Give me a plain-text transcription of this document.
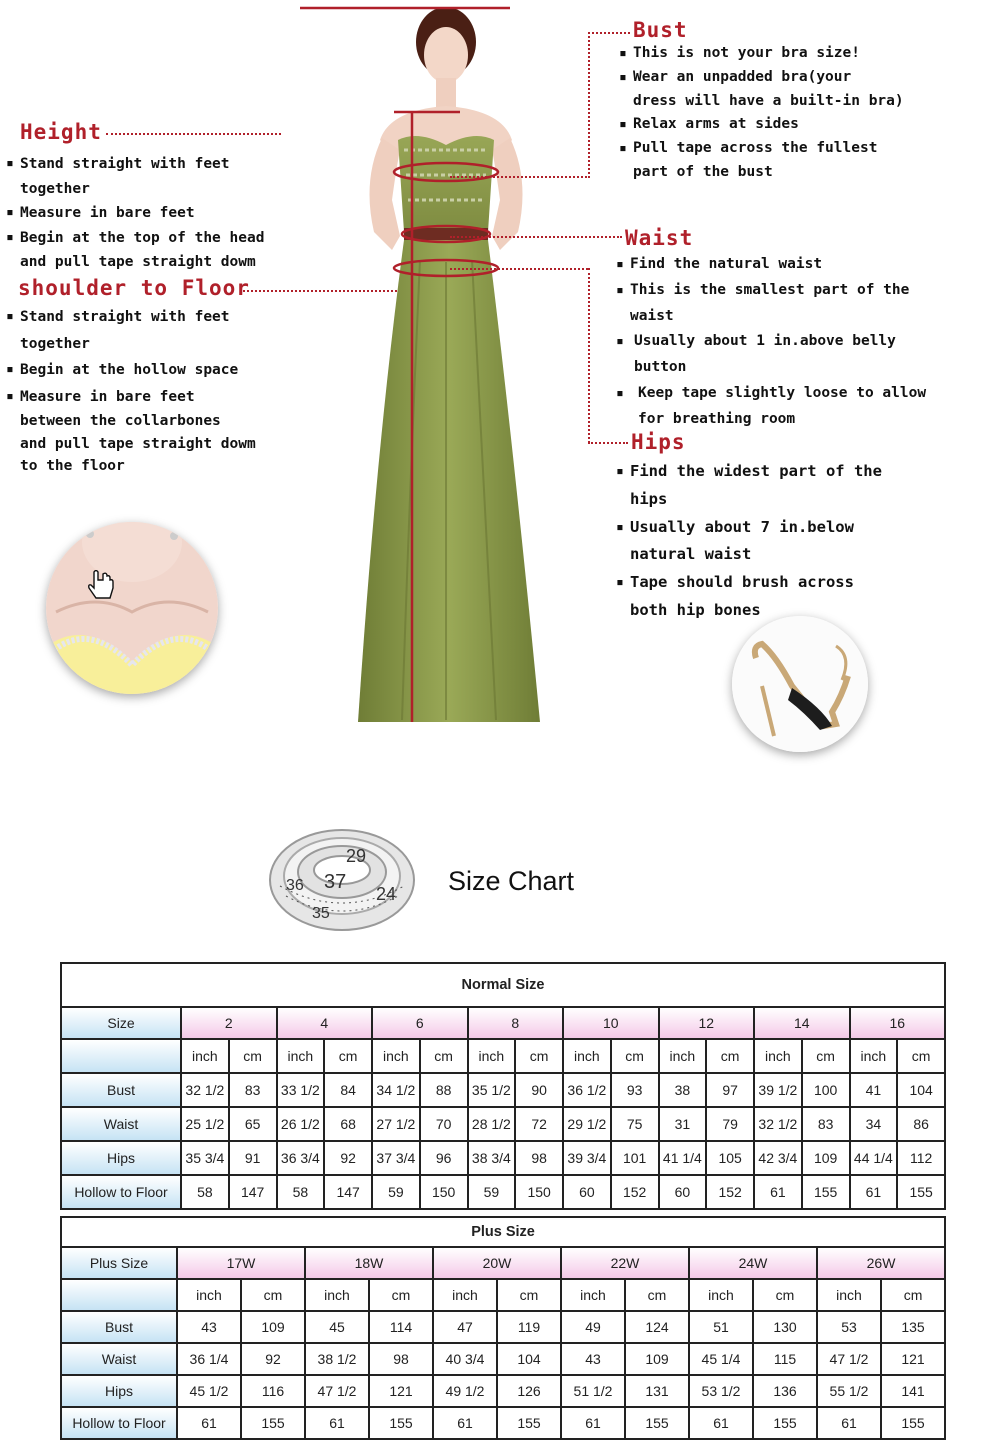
Height
▪ Stand straight with feet
together
▪ Measure in bare feet
▪ Begin at the top of the head
and pull tape straight dowm
shoulder to Floor
▪ Stand straight with feet
together
▪ Begin at the hollow space
▪ Measure in bare feet
between the collarbones
and pull tape straight dowm
to the floor
Bust
▪ This is not your bra size!
▪ Wear an unpadded bra(your
dress will have a built-in bra)
▪ Relax arms at sides
▪ Pull tape across the fullest
part of the bust
Waist
▪ Find the natural waist
▪ This is the smallest part of the
waist
▪ Usually about 1 in.above belly
button
▪ Keep tape slightly loose to allow
for breathing room
Hips
▪ Find the widest part of the
hips
▪ Usually about 7 in.below
natural waist
▪ Tape should brush across
both hip bones
29
37
24
36
35
Size Chart
Normal Size																
Size	2		4		6		8		10		12		14		16	
	inch	cm	inch	cm	inch	cm	inch	cm	inch	cm	inch	cm	inch	cm	inch	cm
Bust	32 1/2	83	33 1/2	84	34 1/2	88	35 1/2	90	36 1/2	93	38	97	39 1/2	100	41	104
Waist	25 1/2	65	26 1/2	68	27 1/2	70	28 1/2	72	29 1/2	75	31	79	32 1/2	83	34	86
Hips	35 3/4	91	36 3/4	92	37 3/4	96	38 3/4	98	39 3/4	101	41 1/4	105	42 3/4	109	44 1/4	112
Hollow to Floor	58	147	58	147	59	150	59	150	60	152	60	152	61	155	61	155
Plus Size												
Plus Size	17W		18W		20W		22W		24W		26W	
	inch	cm	inch	cm	inch	cm	inch	cm	inch	cm	inch	cm
Bust	43	109	45	114	47	119	49	124	51	130	53	135
Waist	36 1/4	92	38 1/2	98	40 3/4	104	43	109	45 1/4	115	47 1/2	121
Hips	45 1/2	116	47 1/2	121	49 1/2	126	51 1/2	131	53 1/2	136	55 1/2	141
Hollow to Floor	61	155	61	155	61	155	61	155	61	155	61	155
